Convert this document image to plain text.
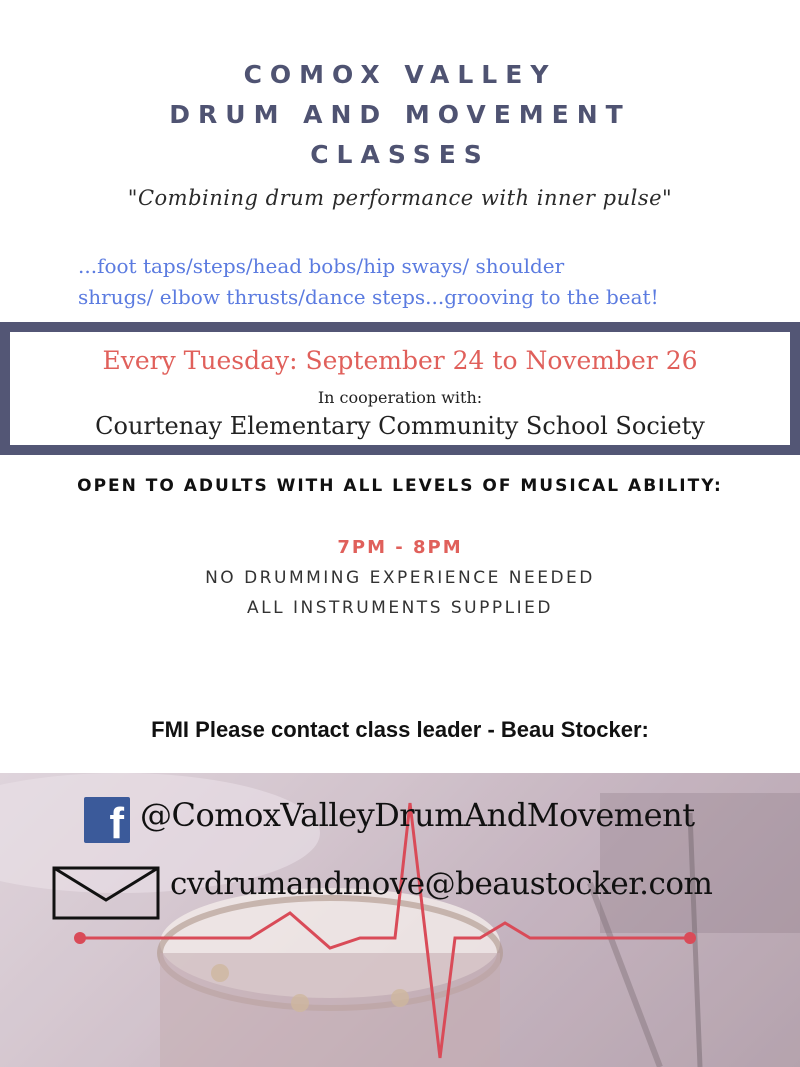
COMOX VALLEY
DRUM AND MOVEMENT
CLASSES
"Combining drum performance with inner pulse"
...foot taps/steps/head bobs/hip sways/ shoulder
shrugs/ elbow thrusts/dance steps...grooving to the beat!
Every Tuesday: September 24 to November 26
In cooperation with:
Courtenay Elementary Community School Society
OPEN TO ADULTS WITH ALL LEVELS OF MUSICAL ABILITY:
7PM - 8PM
NO DRUMMING EXPERIENCE NEEDED
ALL INSTRUMENTS SUPPLIED
FMI Please contact class leader - Beau Stocker:
f @ComoxValleyDrumAndMovement
cvdrumandmove@beaustocker.com
